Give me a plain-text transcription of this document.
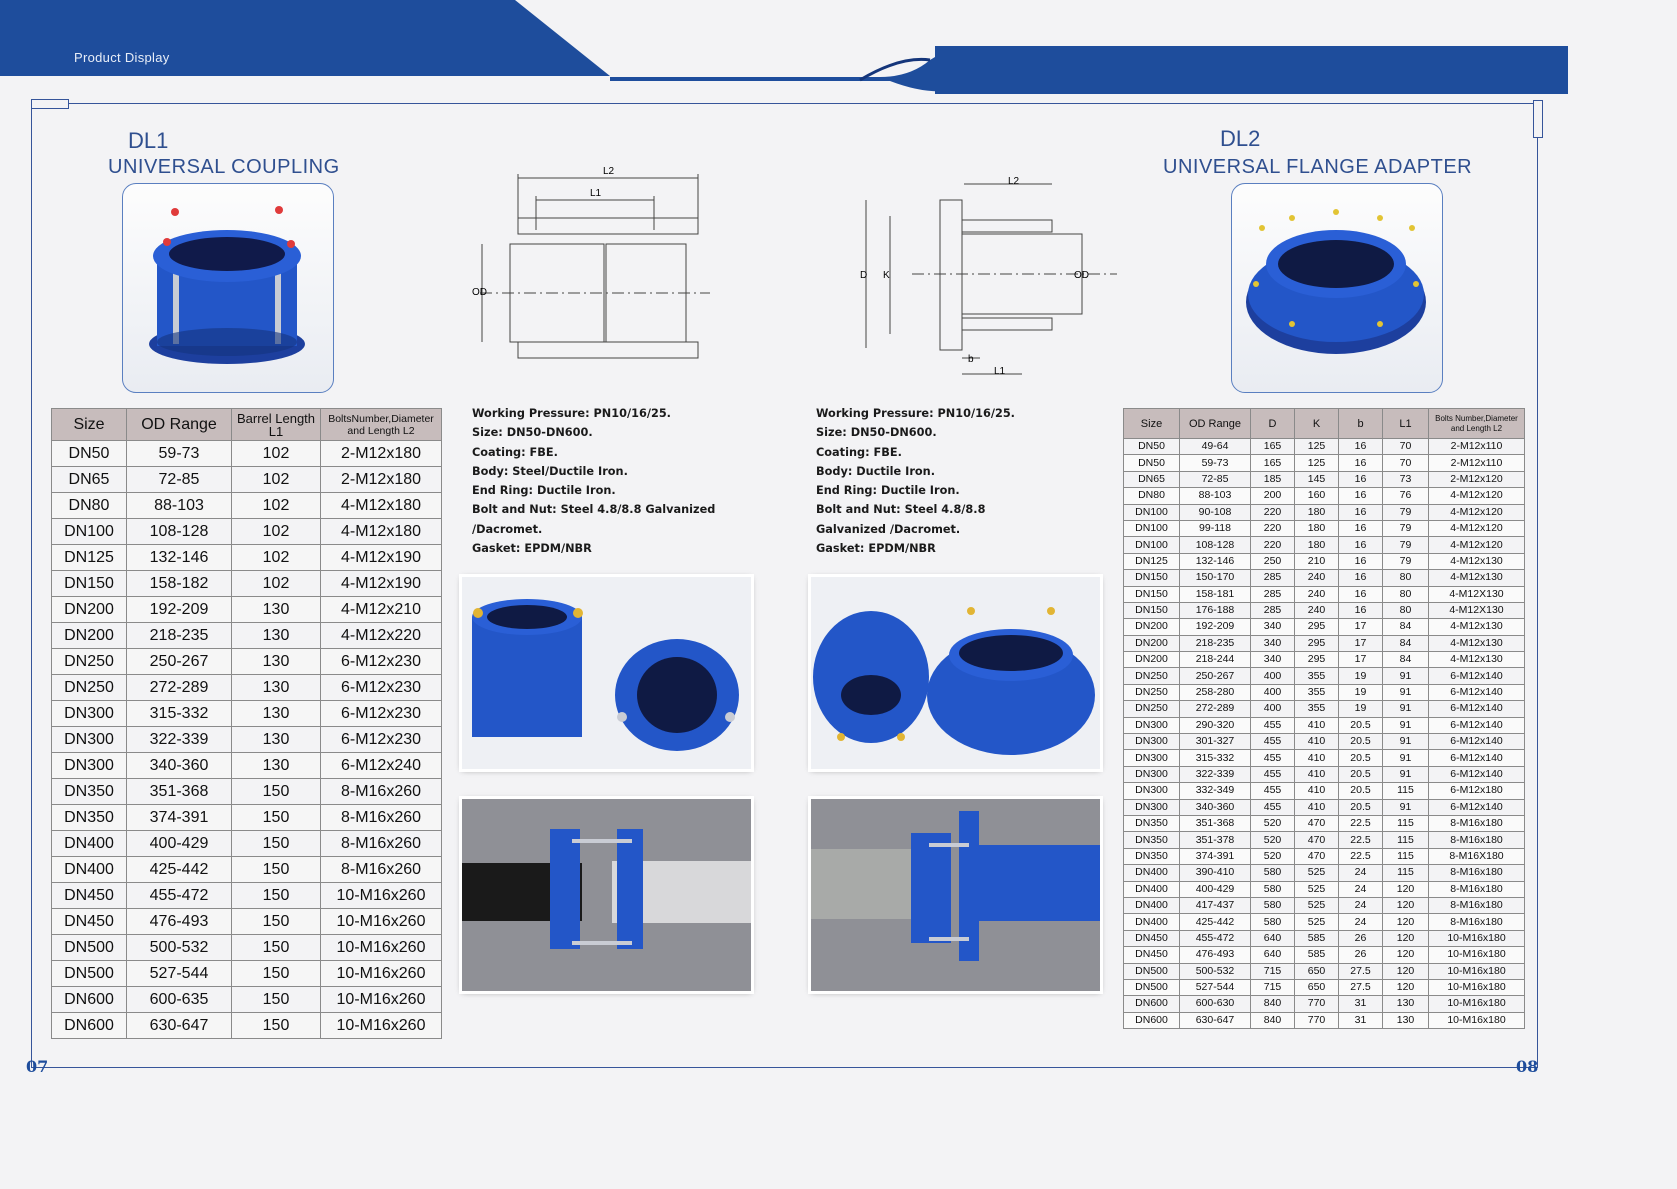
Product Display
07	08
DL1
UNIVERSAL COUPLING	L2
L1
OD
Working Pressure: PN10/16/25.
Size: DN50-DN600.
Coating: FBE.
Body: Steel/Ductile Iron.
End Ring: Ductile Iron.
Bolt and Nut: Steel 4.8/8.8 Galvanized /Dacromet.
Gasket: EPDM/NBR
Size	OD Range	Barrel Length L1	BoltsNumber,Diameter and Length L2
DN50	59-73	102	2-M12x180
DN65	72-85	102	2-M12x180
DN80	88-103	102	4-M12x180
DN100	108-128	102	4-M12x180
DN125	132-146	102	4-M12x190
DN150	158-182	102	4-M12x190
DN200	192-209	130	4-M12x210
DN200	218-235	130	4-M12x220
DN250	250-267	130	6-M12x230
DN250	272-289	130	6-M12x230
DN300	315-332	130	6-M12x230
DN300	322-339	130	6-M12x230
DN300	340-360	130	6-M12x240
DN350	351-368	150	8-M16x260
DN350	374-391	150	8-M16x260
DN400	400-429	150	8-M16x260
DN400	425-442	150	8-M16x260
DN450	455-472	150	10-M16x260
DN450	476-493	150	10-M16x260
DN500	500-532	150	10-M16x260
DN500	527-544	150	10-M16x260
DN600	600-635	150	10-M16x260
DN600	630-647	150	10-M16x260
DL2
UNIVERSAL FLANGE ADAPTER
L2
D K	OD
b
L1
Working Pressure: PN10/16/25.
Size: DN50-DN600.
Coating: FBE.
Body: Ductile Iron.
End Ring: Ductile Iron.
Bolt and Nut: Steel 4.8/8.8 Galvanized /Dacromet.
Gasket: EPDM/NBR
Size	OD Range	D	K	b	L1	Bolts Number,Diameter and Length L2
DN50	49-64	165	125	16	70	2-M12x110
DN50	59-73	165	125	16	70	2-M12x110
DN65	72-85	185	145	16	73	2-M12x120
DN80	88-103	200	160	16	76	4-M12x120
DN100	90-108	220	180	16	79	4-M12x120
DN100	99-118	220	180	16	79	4-M12x120
DN100	108-128	220	180	16	79	4-M12x120
DN125	132-146	250	210	16	79	4-M12x130
DN150	150-170	285	240	16	80	4-M12x130
DN150	158-181	285	240	16	80	4-M12X130
DN150	176-188	285	240	16	80	4-M12X130
DN200	192-209	340	295	17	84	4-M12x130
DN200	218-235	340	295	17	84	4-M12x130
DN200	218-244	340	295	17	84	4-M12x130
DN250	250-267	400	355	19	91	6-M12x140
DN250	258-280	400	355	19	91	6-M12x140
DN250	272-289	400	355	19	91	6-M12x140
DN300	290-320	455	410	20.5	91	6-M12x140
DN300	301-327	455	410	20.5	91	6-M12x140
DN300	315-332	455	410	20.5	91	6-M12x140
DN300	322-339	455	410	20.5	91	6-M12x140
DN300	332-349	455	410	20.5	115	6-M12x180
DN300	340-360	455	410	20.5	91	6-M12x140
DN350	351-368	520	470	22.5	115	8-M16x180
DN350	351-378	520	470	22.5	115	8-M16x180
DN350	374-391	520	470	22.5	115	8-M16X180
DN400	390-410	580	525	24	115	8-M16x180
DN400	400-429	580	525	24	120	8-M16x180
DN400	417-437	580	525	24	120	8-M16x180
DN400	425-442	580	525	24	120	8-M16x180
DN450	455-472	640	585	26	120	10-M16x180
DN450	476-493	640	585	26	120	10-M16x180
DN500	500-532	715	650	27.5	120	10-M16x180
DN500	527-544	715	650	27.5	120	10-M16x180
DN600	600-630	840	770	31	130	10-M16x180
DN600	630-647	840	770	31	130	10-M16x180
